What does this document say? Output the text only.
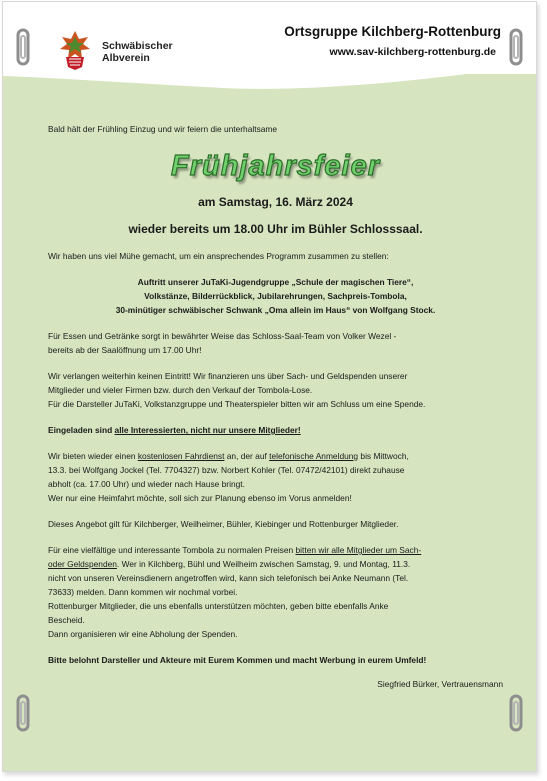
Schwäbischer
Albverein
Ortsgruppe Kilchberg-Rottenburg
www.sav-kilchberg-rottenburg.de
Bald hält der Frühling Einzug und wir feiern die unterhaltsame
Frühjahrsfeier
am Samstag, 16. März 2024
wieder bereits um 18.00 Uhr im Bühler Schlosssaal.
Wir haben uns viel Mühe gemacht, um ein ansprechendes Programm zusammen zu stellen:
Auftritt unserer JuTaKi-Jugendgruppe „Schule der magischen Tiere“,
Volkstänze, Bilderrückblick, Jubilarehrungen, Sachpreis-Tombola,
30-minütiger schwäbischer Schwank „Oma allein im Haus“ von Wolfgang Stock.
Für Essen und Getränke sorgt in bewährter Weise das Schloss-Saal-Team von Volker Wezel -
bereits ab der Saalöffnung um 17.00 Uhr!
Wir verlangen weiterhin keinen Eintritt! Wir finanzieren uns über Sach- und Geldspenden unserer
Mitglieder und vieler Firmen bzw. durch den Verkauf der Tombola-Lose.
Für die Darsteller JuTaKi, Volkstanzgruppe und Theaterspieler bitten wir am Schluss um eine Spende.
Eingeladen sind alle Interessierten, nicht nur unsere Mitglieder!
Wir bieten wieder einen kostenlosen Fahrdienst an, der auf telefonische Anmeldung bis Mittwoch,
13.3. bei Wolfgang Jockel (Tel. 7704327) bzw. Norbert Kohler (Tel. 07472/42101) direkt zuhause
abholt (ca. 17.00 Uhr) und wieder nach Hause bringt.
Wer nur eine Heimfahrt möchte, soll sich zur Planung ebenso im Vorus anmelden!
Dieses Angebot gilt für Kilchberger, Weilheimer, Bühler, Kiebinger und Rottenburger Mitglieder.
Für eine vielfältige und interessante Tombola zu normalen Preisen bitten wir alle Mitglieder um Sach-
oder Geldspenden. Wer in Kilchberg, Bühl und Weilheim zwischen Samstag, 9. und Montag, 11.3.
nicht von unseren Vereinsdienern angetroffen wird, kann sich telefonisch bei Anke Neumann (Tel.
73633) melden. Dann kommen wir nochmal vorbei.
Rottenburger Mitglieder, die uns ebenfalls unterstützen möchten, geben bitte ebenfalls Anke
Bescheid.
Dann organisieren wir eine Abholung der Spenden.
Bitte belohnt Darsteller und Akteure mit Eurem Kommen und macht Werbung in eurem Umfeld!
Siegfried Bürker, Vertrauensmann
